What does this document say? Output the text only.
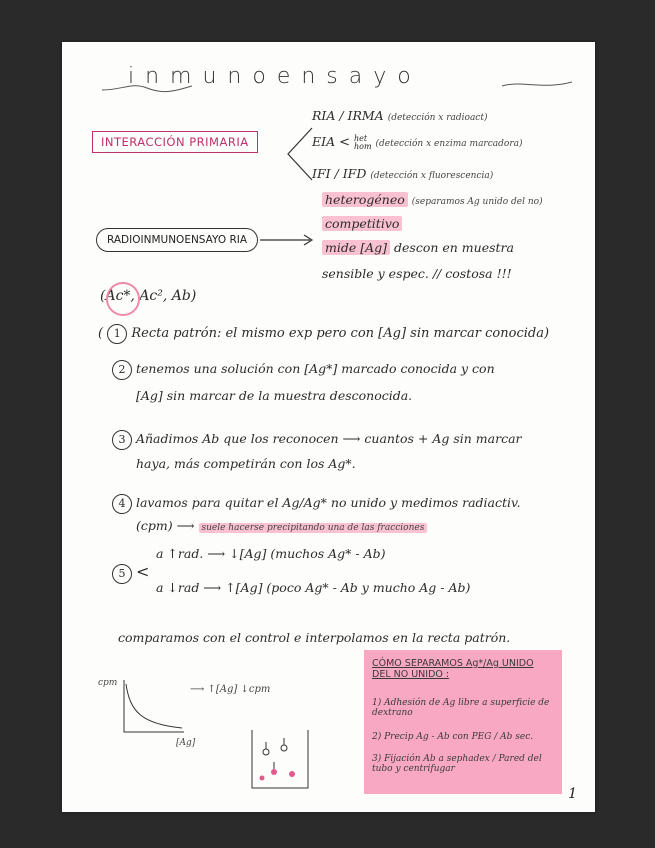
inmunoensayo
INTERACCIÓN PRIMARIA
RIA / IRMA (detección x radioact)
EIA < het
hom (detección x enzima marcadora)
IFI / IFD (detección x fluorescencia)
RADIOINMUNOENSAYO RIA
heterogéneo (separamos Ag unido del no)
competitivo
mide [Ag] descon en muestra
sensible y espec. // costosa !!!
(Ac*, Ac², Ab)
( 1 Recta patrón: el mismo exp pero con [Ag] sin marcar conocida)
2 tenemos una solución con [Ag*] marcado conocida y con
[Ag] sin marcar de la muestra desconocida.
3 Añadimos Ab que los reconocen ⟶ cuantos + Ag sin marcar
haya, más competirán con los Ag*.
4 lavamos para quitar el Ag/Ag* no unido y medimos radiactiv.
(cpm) ⟶ suele hacerse precipitando una de las fracciones
5 <
a ↑rad. ⟶ ↓[Ag] (muchos Ag* - Ab)
a ↓rad ⟶ ↑[Ag] (poco Ag* - Ab y mucho Ag - Ab)
comparamos con el control e interpolamos en la recta patrón.
cpm
[Ag]
⟶ ↑[Ag] ↓cpm
CÓMO SEPARAMOS Ag*/Ag UNIDO DEL NO UNIDO :
1) Adhesión de Ag libre a superficie de dextrano
2) Precip Ag - Ab con PEG / Ab sec.
3) Fijación Ab a sephadex / Pared del tubo y centrifugar
1
